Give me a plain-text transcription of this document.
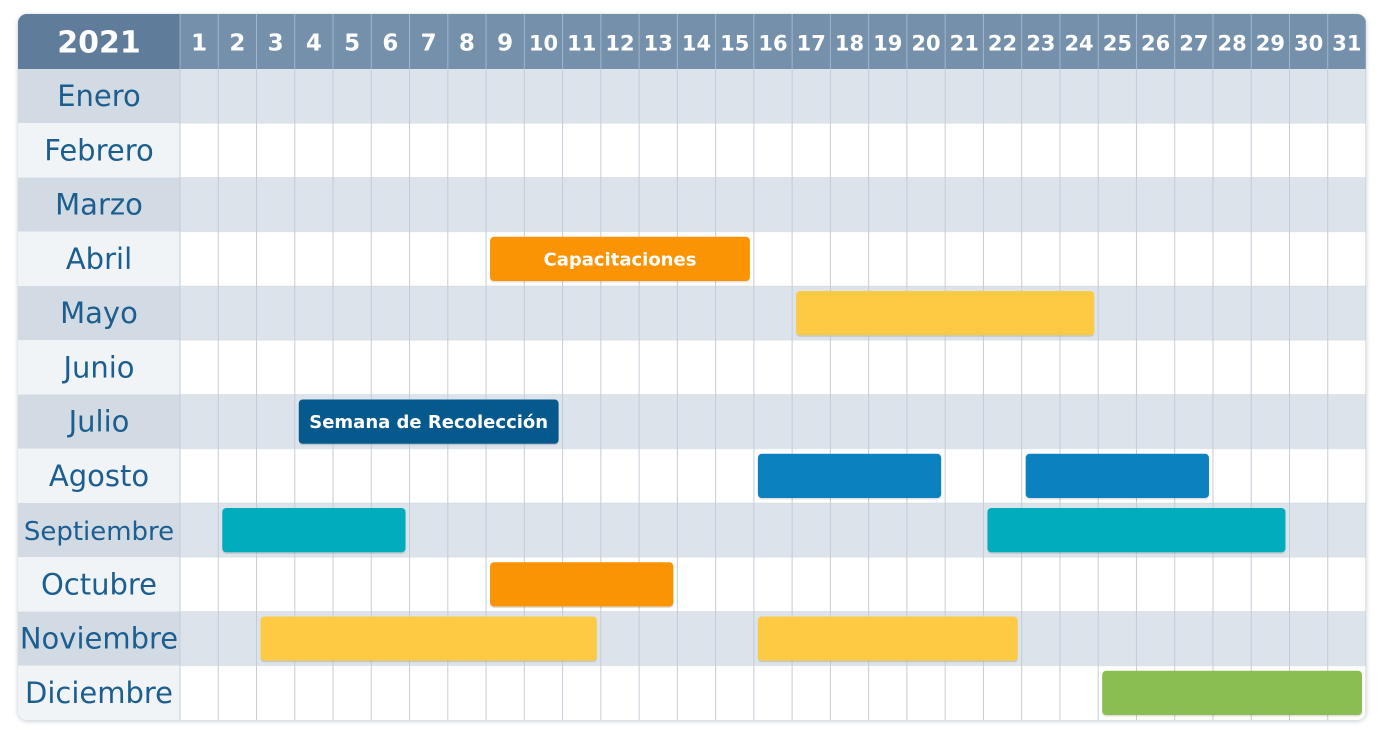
Enero
Febrero
Marzo
Abril
Mayo
Junio
Julio
Agosto
Septiembre
Octubre
Noviembre
Diciembre
2021 1 2 3 4 5 6 7 8 9 10 11 12 13 14 15 16 17 18 19 20 21 22 23 24 25 26 27 28 29 30 31
Capacitaciones
Semana de Recolección
